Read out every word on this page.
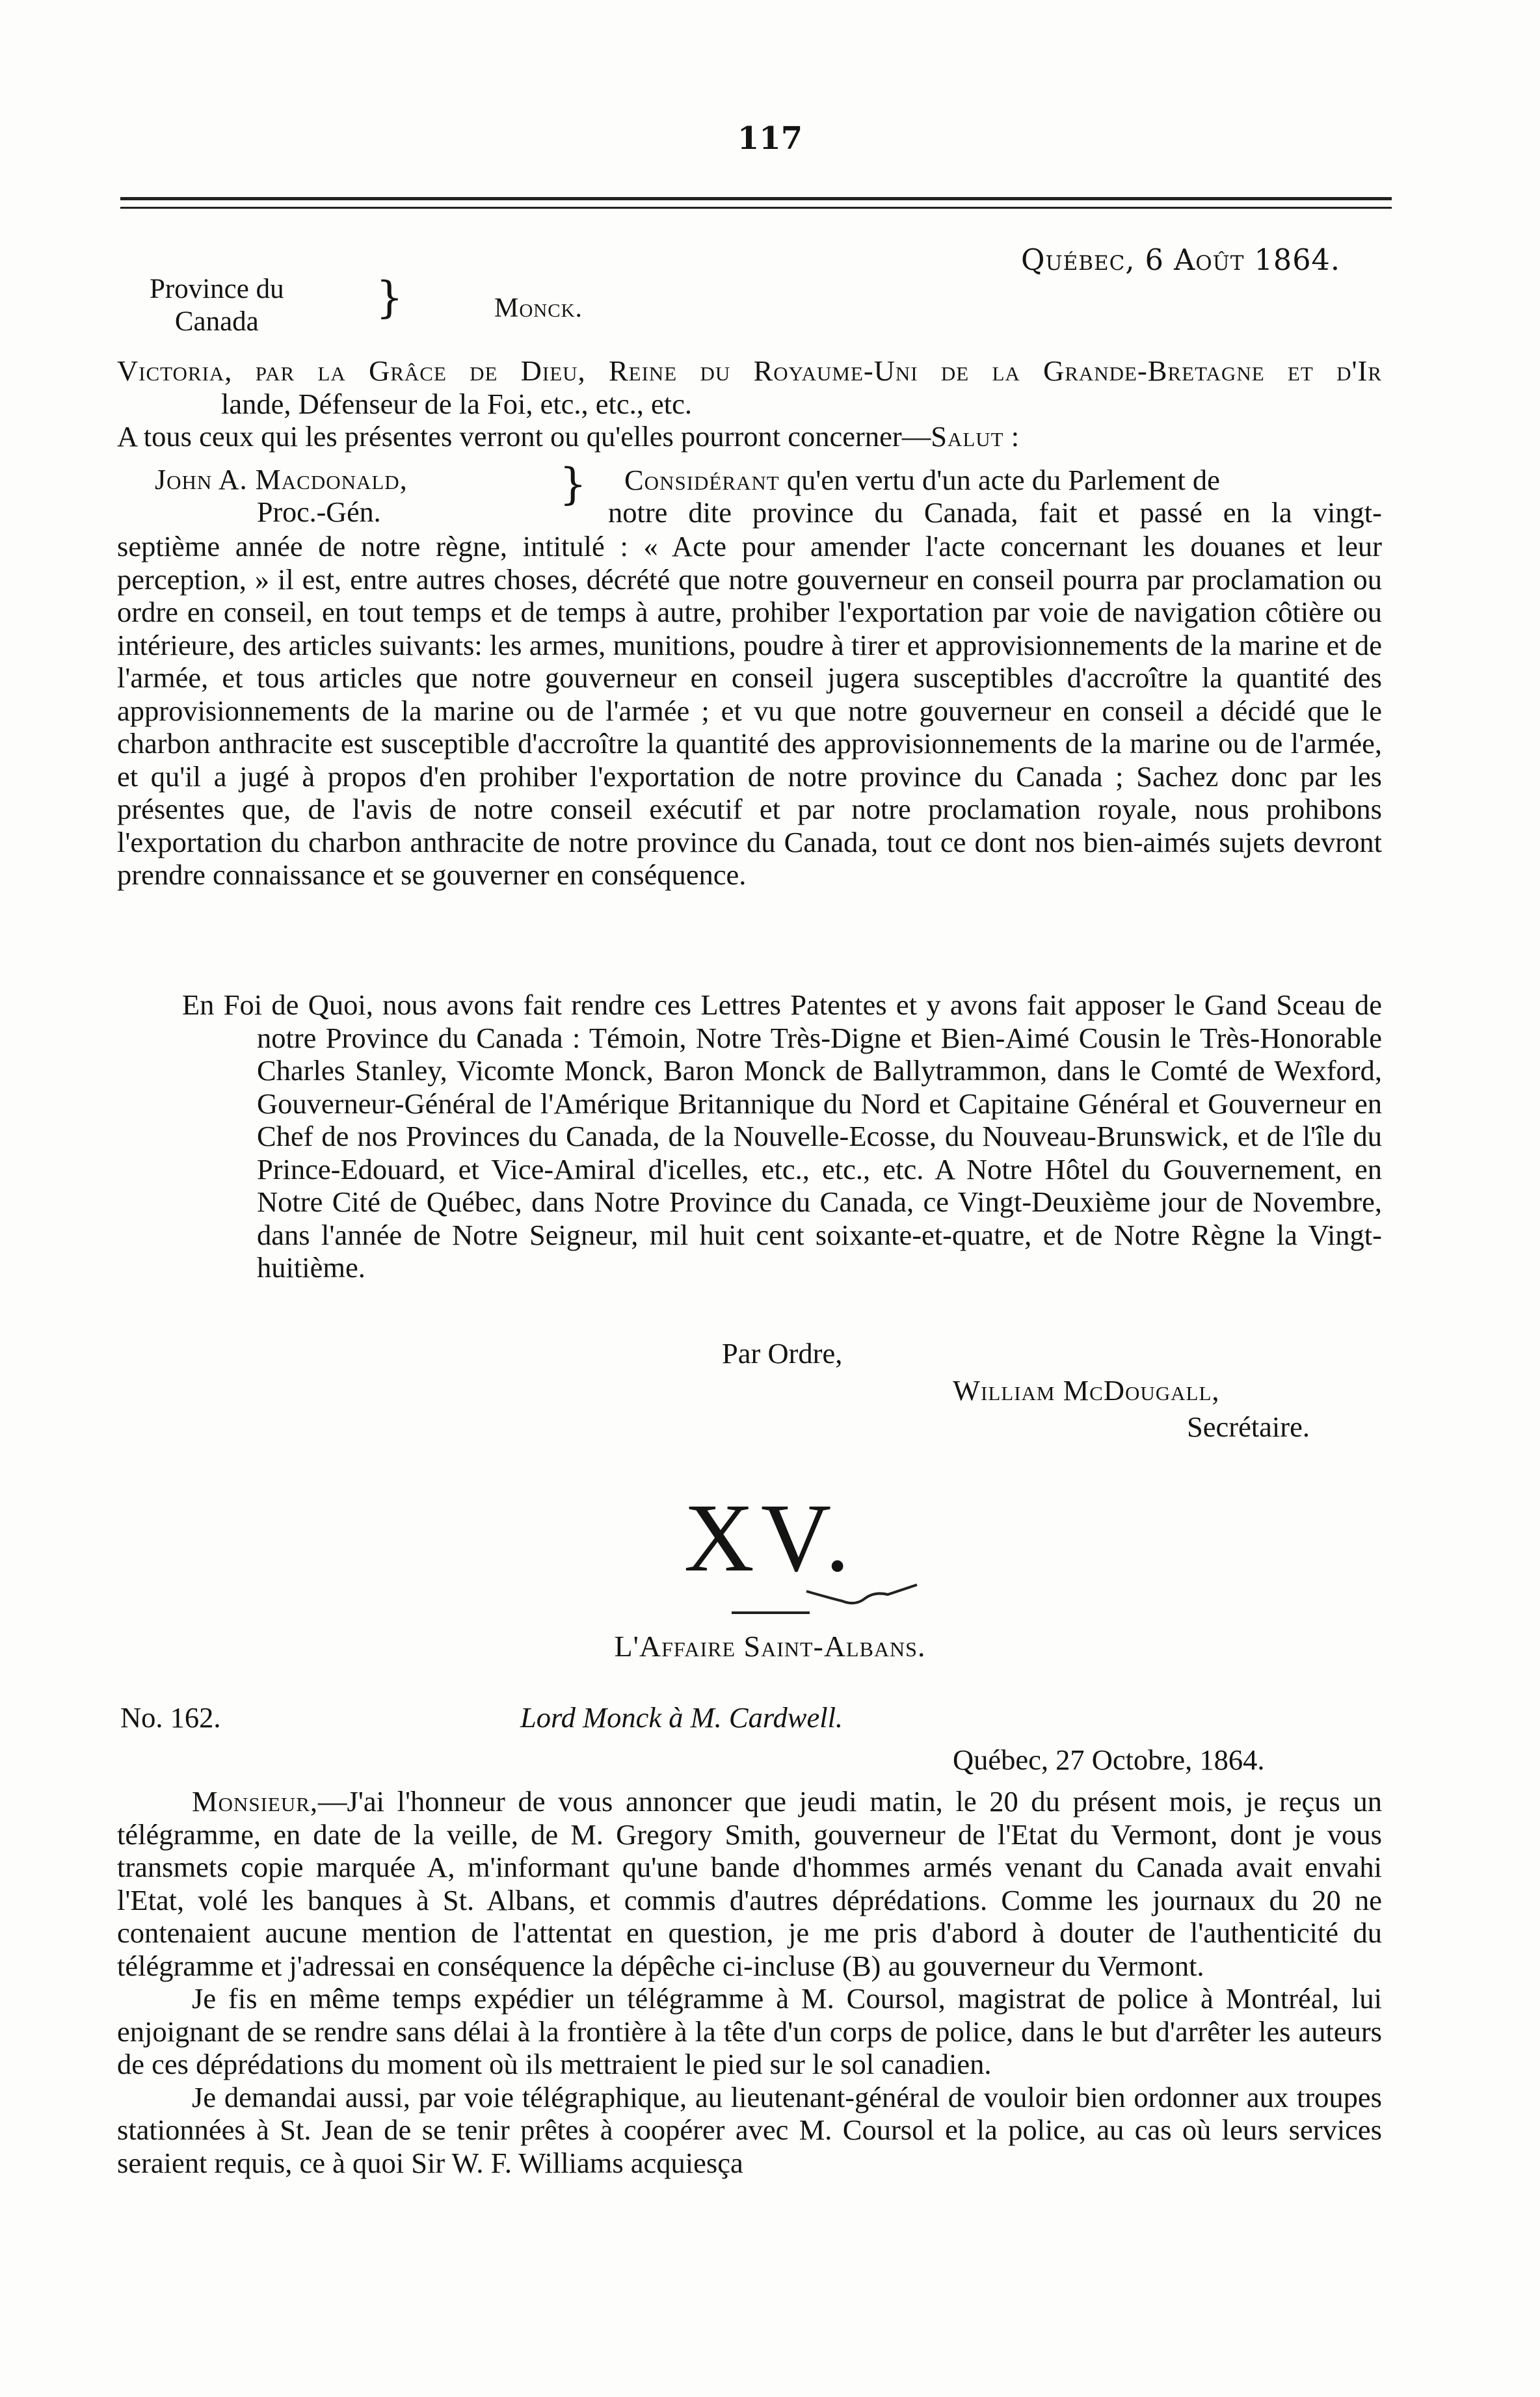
117
Québec, 6 Août 1864.
Province du
Canada	}	Monck.

Victoria, par la Grâce de Dieu, Reine du Royaume-Uni de la Grande-Bretagne et d'Ir

lande, Défenseur de la Foi, etc., etc., etc.

A tous ceux qui les présentes verront ou qu'elles pourront concerner—Salut :

John A. Macdonald,
Proc.-Gén.
} Considérant qu'en vertu d'un acte du Parlement de
notre dite province du Canada, fait et passé en la vingt-

septième année de notre règne, intitulé : « Acte pour amender l'acte concernant les douanes et leur perception, » il est, entre autres choses, décrété que notre gouverneur en conseil pourra par proclamation ou ordre en conseil, en tout temps et de temps à autre, prohiber l'exportation par voie de navigation côtière ou intérieure, des articles suivants: les armes, munitions, poudre à tirer et approvisionnements de la marine et de l'armée, et tous articles que notre gouverneur en conseil jugera susceptibles d'accroître la quantité des approvisionnements de la marine ou de l'armée ; et vu que notre gouverneur en conseil a décidé que le charbon anthracite est susceptible d'accroître la quantité des approvisionnements de la marine ou de l'armée, et qu'il a jugé à propos d'en prohiber l'exportation de notre province du Canada ; Sachez donc par les présentes que, de l'avis de notre conseil exécutif et par notre proclamation royale, nous prohibons l'exportation du charbon anthracite de notre province du Canada, tout ce dont nos bien-aimés sujets devront prendre connaissance et se gouverner en conséquence.

En Foi de Quoi, nous avons fait rendre ces Lettres Patentes et y avons fait apposer le Gand Sceau de notre Province du Canada : Témoin, Notre Très-Digne et Bien-Aimé Cousin le Très-Honorable Charles Stanley, Vicomte Monck, Baron Monck de Ballytrammon, dans le Comté de Wexford, Gouverneur-Général de l'Amérique Britannique du Nord et Capitaine Général et Gouverneur en Chef de nos Provinces du Canada, de la Nouvelle-Ecosse, du Nouveau-Brunswick, et de l'île du Prince-Edouard, et Vice-Amiral d'icelles, etc., etc., etc. A Notre Hôtel du Gouvernement, en Notre Cité de Québec, dans Notre Province du Canada, ce Vingt-Deuxième jour de Novembre, dans l'année de Notre Seigneur, mil huit cent soixante-et-quatre, et de Notre Règne la Vingt-huitième.

Par Ordre,
William McDougall,
Secrétaire.
XV.
L'Affaire Saint-Albans.
No. 162.	Lord Monck à M. Cardwell.
Québec, 27 Octobre, 1864.

Monsieur,—J'ai l'honneur de vous annoncer que jeudi matin, le 20 du présent mois, je reçus un télégramme, en date de la veille, de M. Gregory Smith, gouverneur de l'Etat du Vermont, dont je vous transmets copie marquée A, m'informant qu'une bande d'hommes armés venant du Canada avait envahi l'Etat, volé les banques à St. Albans, et commis d'autres déprédations. Comme les journaux du 20 ne contenaient aucune mention de l'attentat en question, je me pris d'abord à douter de l'authenticité du télégramme et j'adressai en conséquence la dépêche ci-incluse (B) au gouverneur du Vermont.

Je fis en même temps expédier un télégramme à M. Coursol, magistrat de police à Montréal, lui enjoignant de se rendre sans délai à la frontière à la tête d'un corps de police, dans le but d'arrêter les auteurs de ces déprédations du moment où ils mettraient le pied sur le sol canadien.

Je demandai aussi, par voie télégraphique, au lieutenant-général de vouloir bien ordonner aux troupes stationnées à St. Jean de se tenir prêtes à coopérer avec M. Coursol et la police, au cas où leurs services seraient requis, ce à quoi Sir W. F. Williams acquiesça
